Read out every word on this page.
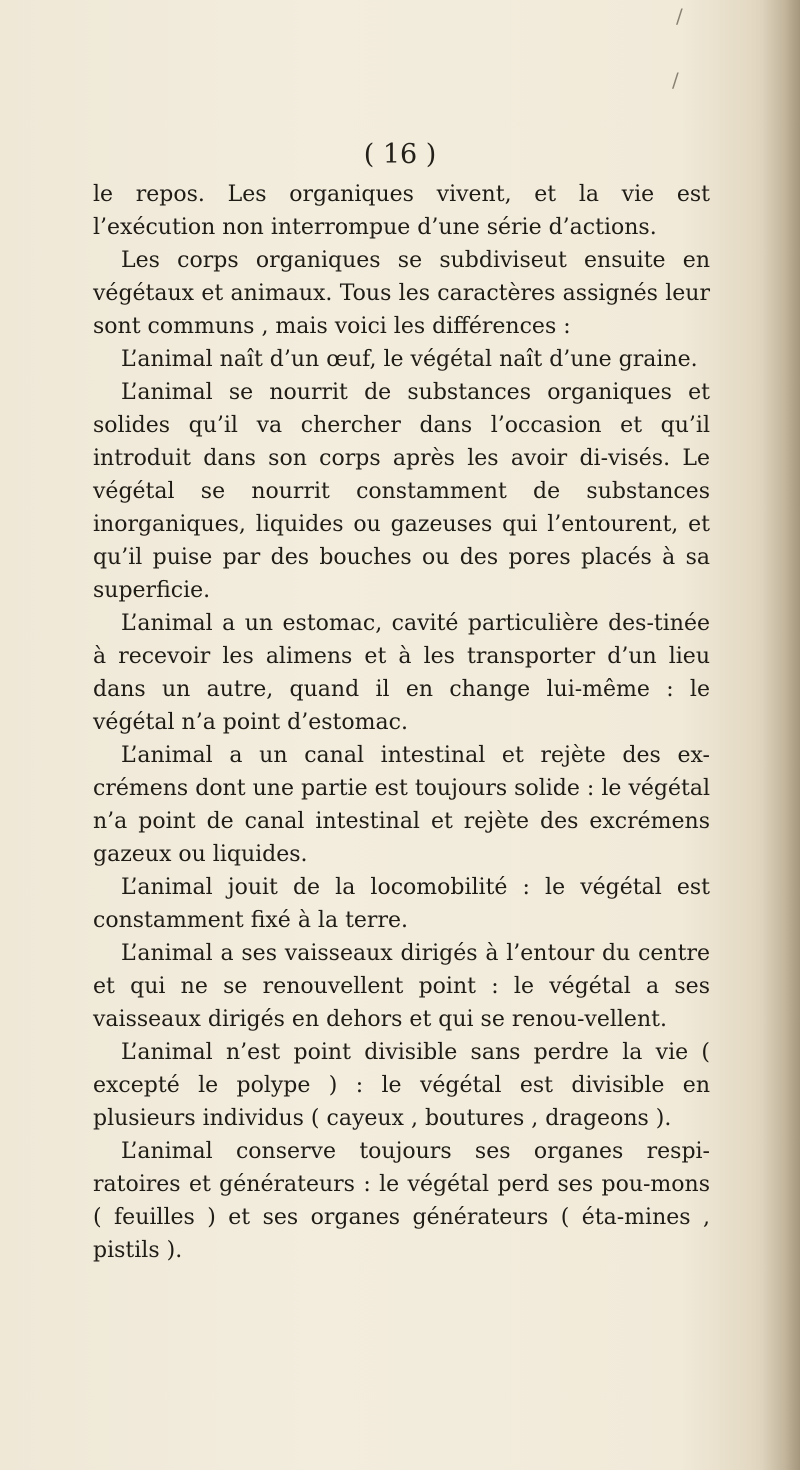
/
/

( 16 )

le repos. Les organiques vivent, et la vie est l’exécution non interrompue d’une série d’actions.

Les corps organiques se subdiviseut ensuite en végétaux et animaux. Tous les caractères assignés leur sont communs , mais voici les différences :

L’animal naît d’un œuf, le végétal naît d’une graine.

L’animal se nourrit de substances organiques et solides qu’il va chercher dans l’occasion et qu’il introduit dans son corps après les avoir di-visés. Le végétal se nourrit constamment de substances inorganiques, liquides ou gazeuses qui l’entourent, et qu’il puise par des bouches ou des pores placés à sa superficie.

L’animal a un estomac, cavité particulière des-tinée à recevoir les alimens et à les transporter d’un lieu dans un autre, quand il en change lui-même : le végétal n’a point d’estomac.

L’animal a un canal intestinal et rejète des ex-crémens dont une partie est toujours solide : le végétal n’a point de canal intestinal et rejète des excrémens gazeux ou liquides.

L’animal jouit de la locomobilité : le végétal est constamment fixé à la terre.

L’animal a ses vaisseaux dirigés à l’entour du centre et qui ne se renouvellent point : le végétal a ses vaisseaux dirigés en dehors et qui se renou-vellent.

L’animal n’est point divisible sans perdre la vie ( excepté le polype ) : le végétal est divisible en plusieurs individus ( cayeux , boutures , drageons ).

L’animal conserve toujours ses organes respi-ratoires et générateurs : le végétal perd ses pou-mons ( feuilles ) et ses organes générateurs ( éta-mines , pistils ).
